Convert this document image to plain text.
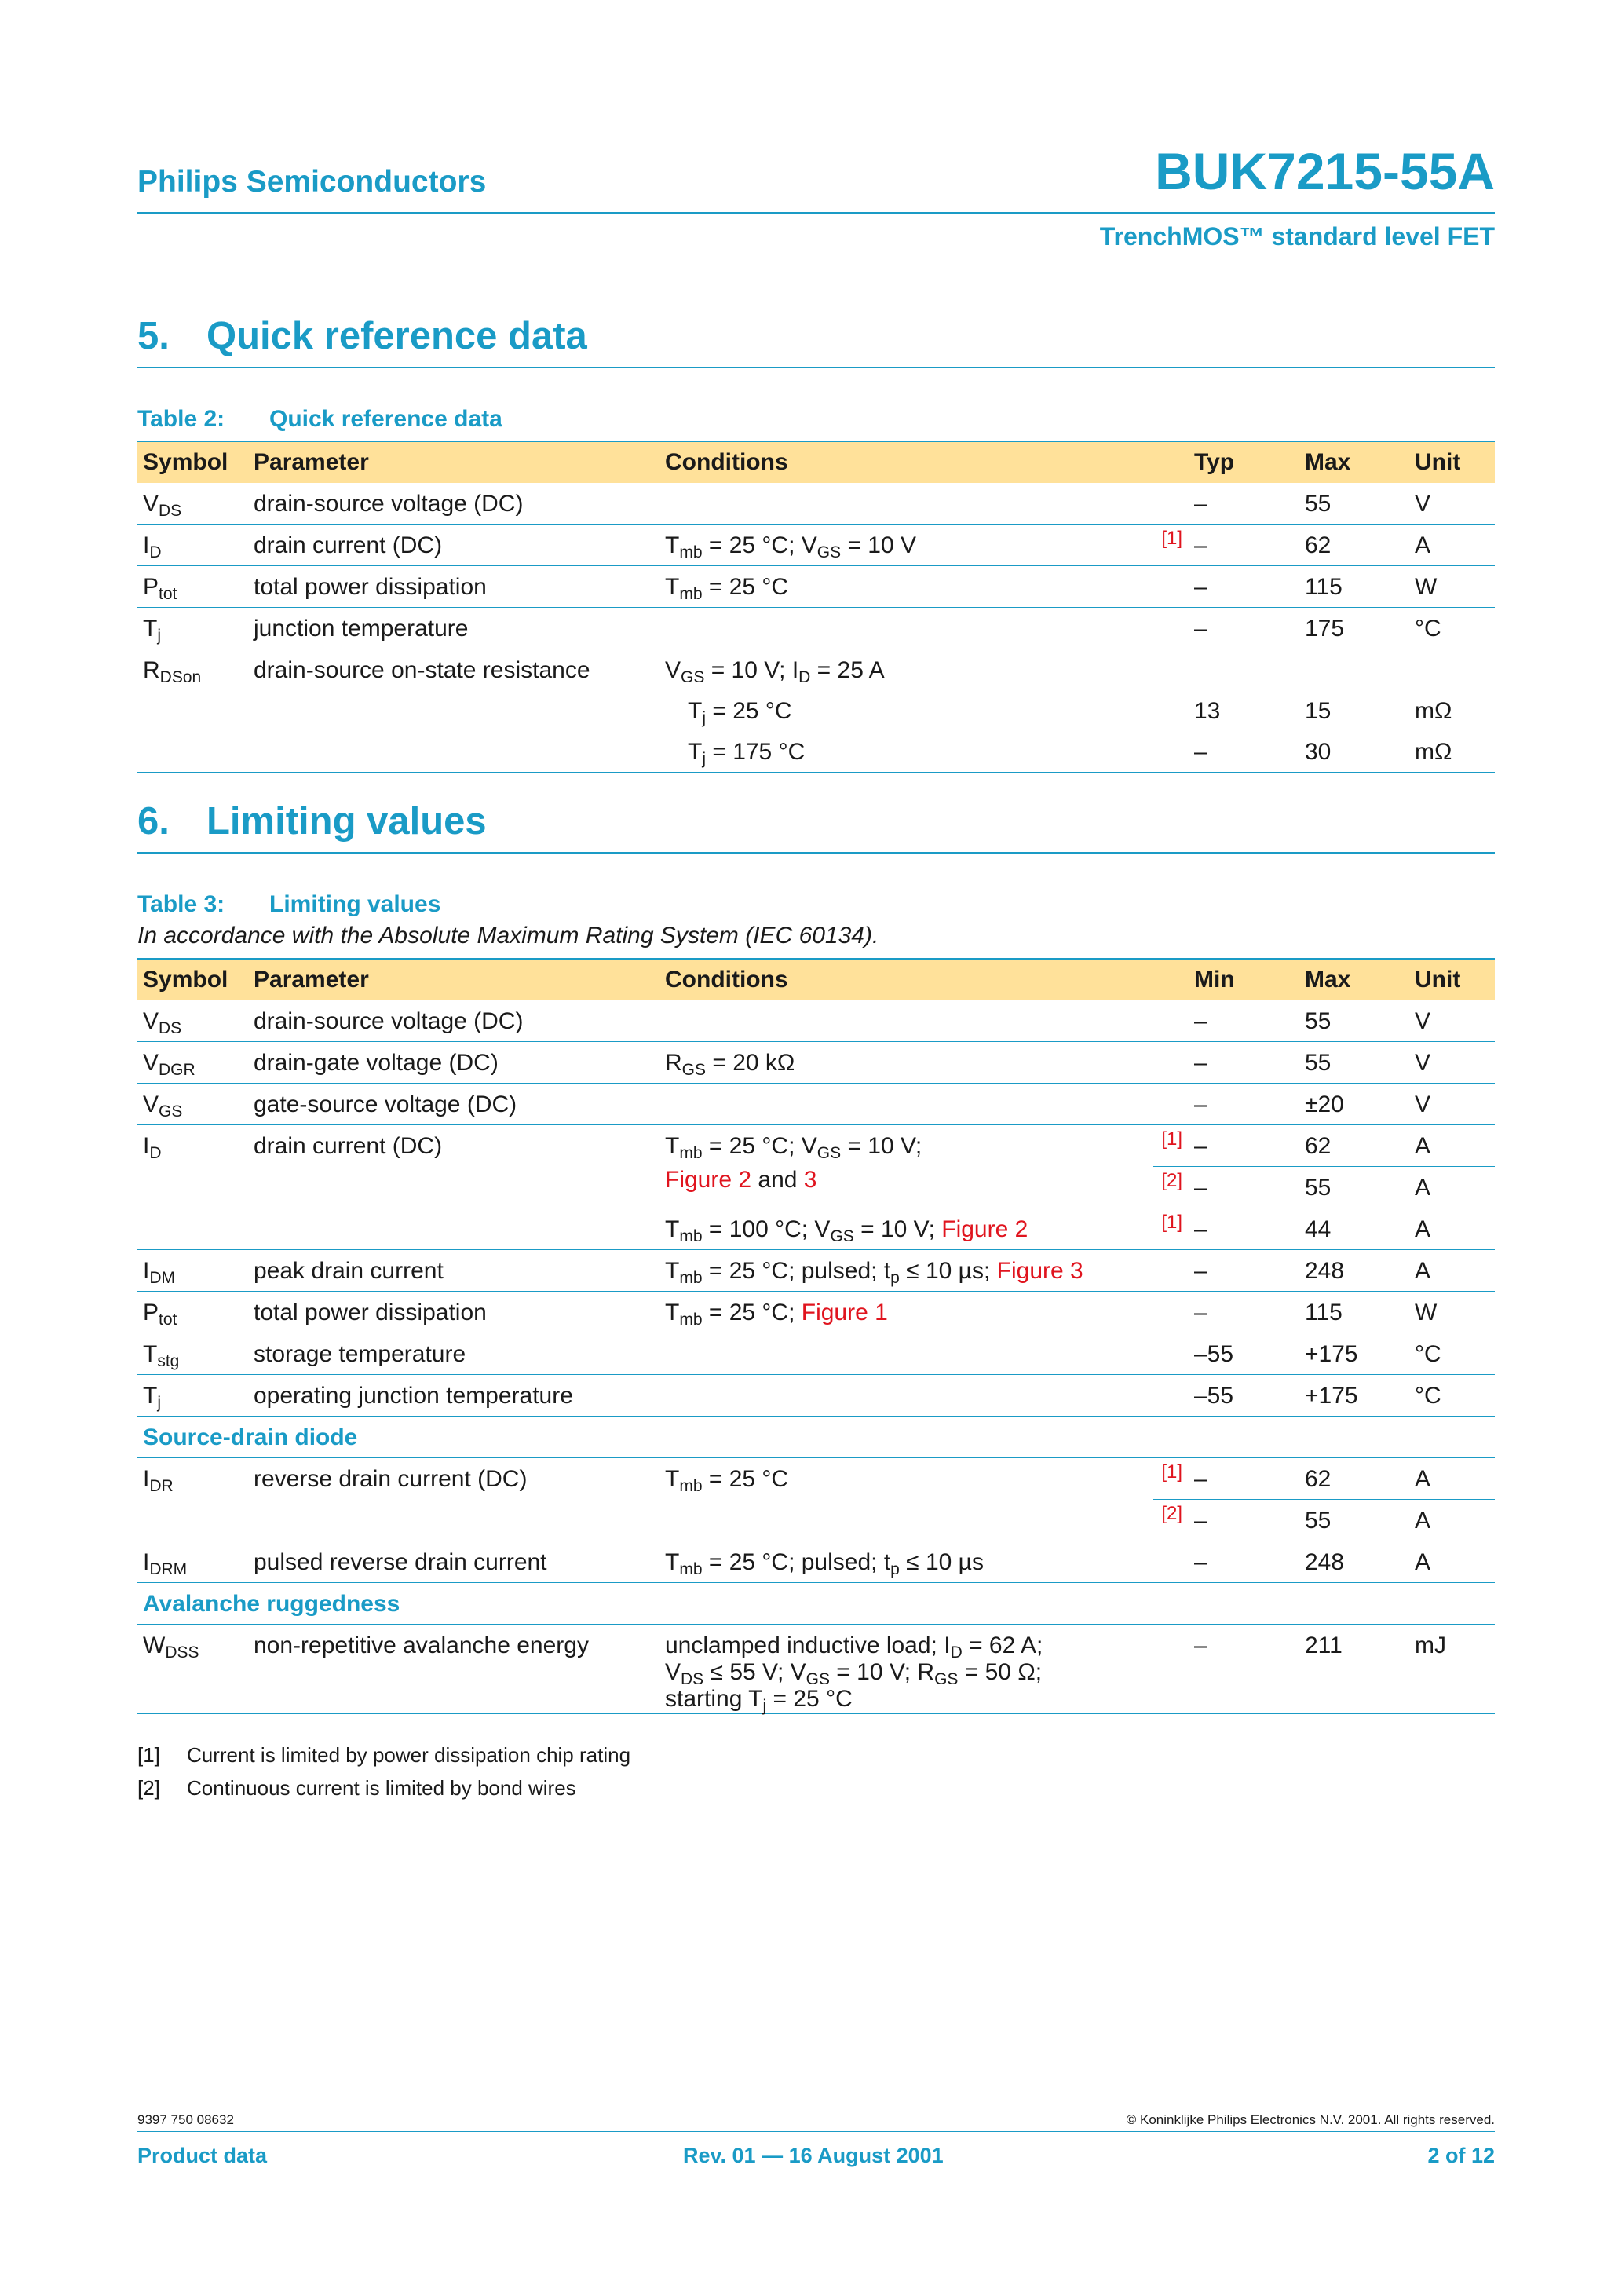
Philips Semiconductors	BUK7215-55A
TrenchMOS™ standard level FET
5. Quick reference data
Table 2: Quick reference data
Symbol	Parameter	Conditions		Typ	Max	Unit
$V_{DS}$	drain-source voltage (DC)			–	55	V
$I_D$	drain current (DC)	$T_{mb} = 25$ °C; $V_{GS} = 10$ V	[1]	–	62	A
$P_{tot}$	total power dissipation	$T_{mb} = 25$ °C		–	115	W
$T_j$	junction temperature			–	175	°C
$R_{DSon}$	drain-source on-state resistance	$V_{GS} = 10$ V; $I_D = 25$ A				
		$T_j = 25$ °C		13	15	mΩ
		$T_j = 175$ °C		–	30	mΩ
6. Limiting values
Table 3: Limiting values
In accordance with the Absolute Maximum Rating System (IEC 60134).
Symbol	Parameter	Conditions		Min	Max	Unit
$V_{DS}$	drain-source voltage (DC)			–	55	V
$V_{DGR}$	drain-gate voltage (DC)	$R_{GS} = 20$ kΩ		–	55	V
$V_{GS}$	gate-source voltage (DC)			–	±20	V
$I_D$	drain current (DC)	$T_{mb} = 25$ °C; $V_{GS} = 10$ V;	[1]	–	62	A
		Figure 2 and 3	[2]	–	55	A
		$T_{mb} = 100$ °C; $V_{GS} = 10$ V; Figure 2	[1]	–	44	A
$I_{DM}$	peak drain current	$T_{mb} = 25$ °C; pulsed; $t_p \le 10$ µs; Figure 3		–	248	A
$P_{tot}$	total power dissipation	$T_{mb} = 25$ °C; Figure 1		–	115	W
$T_{stg}$	storage temperature			–55	+175	°C
$T_j$	operating junction temperature			–55	+175	°C
Source-drain diode						
$I_{DR}$	reverse drain current (DC)	$T_{mb} = 25$ °C	[1]	–	62	A
			[2]	–	55	A
$I_{DRM}$	pulsed reverse drain current	$T_{mb} = 25$ °C; pulsed; $t_p \le 10$ µs		–	248	A
Avalanche ruggedness						
$W_{DSS}$	non-repetitive avalanche energy	unclamped inductive load; $I_D = 62$ A;
$V_{DS} \le 55$ V; $V_{GS} = 10$ V; $R_{GS} = 50$ Ω;
starting $T_j = 25$ °C		–	211	mJ
[1] Current is limited by power dissipation chip rating
[2] Continuous current is limited by bond wires
9397 750 08632	© Koninklijke Philips Electronics N.V. 2001. All rights reserved.
Product data	Rev. 01 — 16 August 2001	2 of 12
